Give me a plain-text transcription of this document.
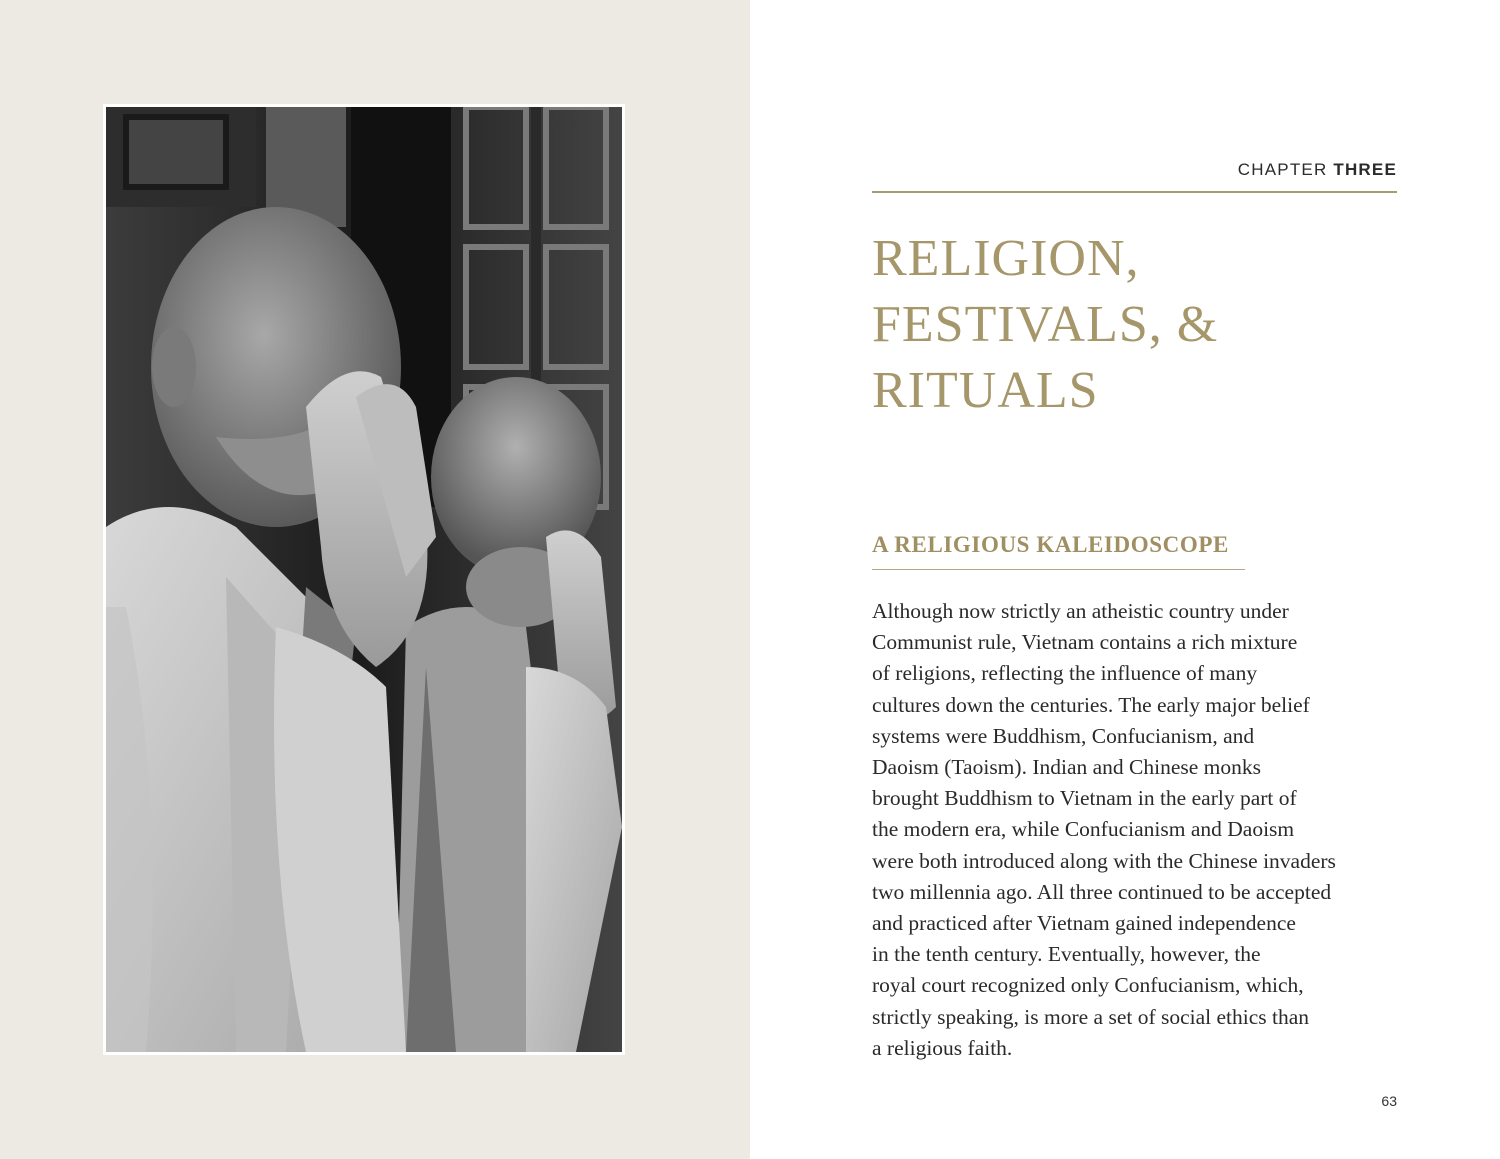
CHAPTER THREE
RELIGION,
FESTIVALS, &
RITUALS
A RELIGIOUS KALEIDOSCOPE
Although now strictly an atheistic country under
Communist rule, Vietnam contains a rich mixture
of religions, reflecting the influence of many
cultures down the centuries. The early major belief
systems were Buddhism, Confucianism, and
Daoism (Taoism). Indian and Chinese monks
brought Buddhism to Vietnam in the early part of
the modern era, while Confucianism and Daoism
were both introduced along with the Chinese invaders
two millennia ago. All three continued to be accepted
and practiced after Vietnam gained independence
in the tenth century. Eventually, however, the
royal court recognized only Confucianism, which,
strictly speaking, is more a set of social ethics than
a religious faith.
63
